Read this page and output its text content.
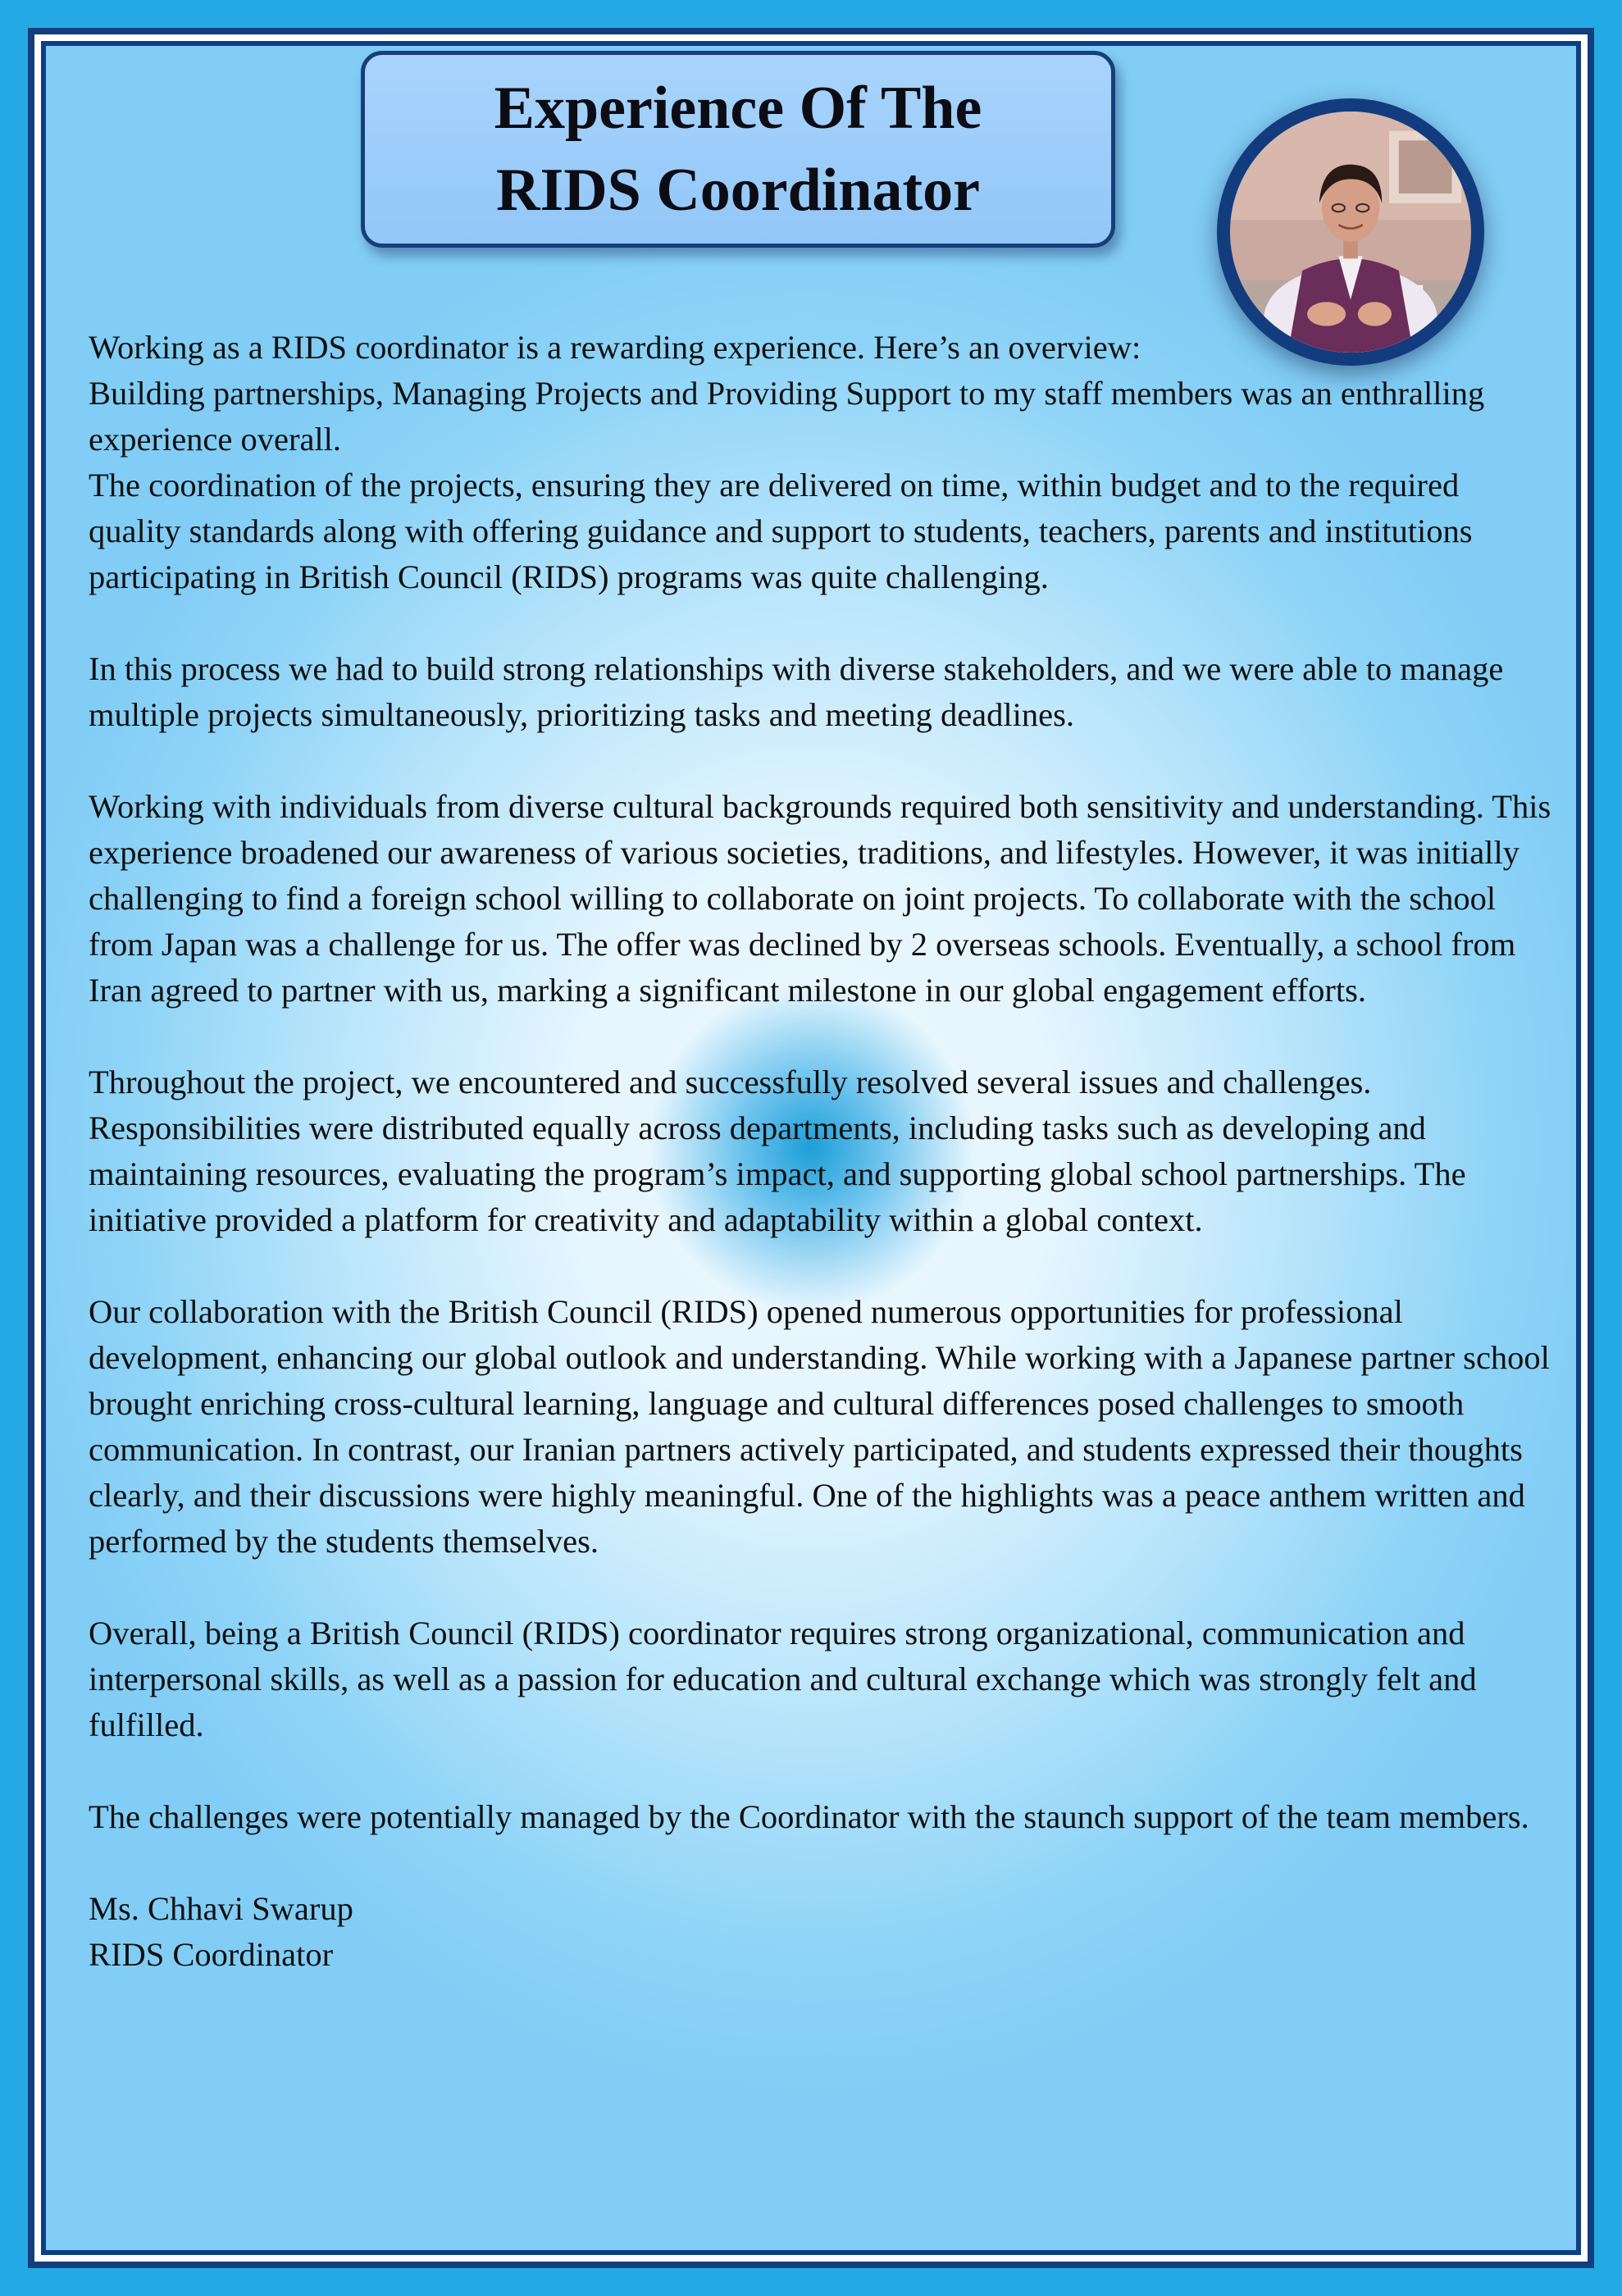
Experience Of The
RIDS Coordinator

Working as a RIDS coordinator is a rewarding experience. Here’s an overview:
Building partnerships, Managing Projects and Providing Support to my staff members was an enthralling experience overall.
The coordination of the projects, ensuring they are delivered on time, within budget and to the required quality standards along with offering guidance and support to students, teachers, parents and institutions participating in British Council (RIDS) programs was quite challenging.

In this process we had to build strong relationships with diverse stakeholders, and we were able to manage multiple projects simultaneously, prioritizing tasks and meeting deadlines.

Working with individuals from diverse cultural backgrounds required both sensitivity and understanding. This experience broadened our awareness of various societies, traditions, and lifestyles. However, it was initially challenging to find a foreign school willing to collaborate on joint projects. To collaborate with the school from Japan was a challenge for us. The offer was declined by 2 overseas schools. Eventually, a school from Iran agreed to partner with us, marking a significant milestone in our global engagement efforts.

Throughout the project, we encountered and successfully resolved several issues and challenges. Responsibilities were distributed equally across departments, including tasks such as developing and maintaining resources, evaluating the program’s impact, and supporting global school partnerships. The initiative provided a platform for creativity and adaptability within a global context.

Our collaboration with the British Council (RIDS) opened numerous opportunities for professional development, enhancing our global outlook and understanding. While working with a Japanese partner school brought enriching cross-cultural learning, language and cultural differences posed challenges to smooth communication. In contrast, our Iranian partners actively participated, and students expressed their thoughts clearly, and their discussions were highly meaningful. One of the highlights was a peace anthem written and performed by the students themselves.

Overall, being a British Council (RIDS) coordinator requires strong organizational, communication and interpersonal skills, as well as a passion for education and cultural exchange which was strongly felt and fulfilled.

The challenges were potentially managed by the Coordinator with the staunch support of the team members.

Ms. Chhavi Swarup
RIDS Coordinator
